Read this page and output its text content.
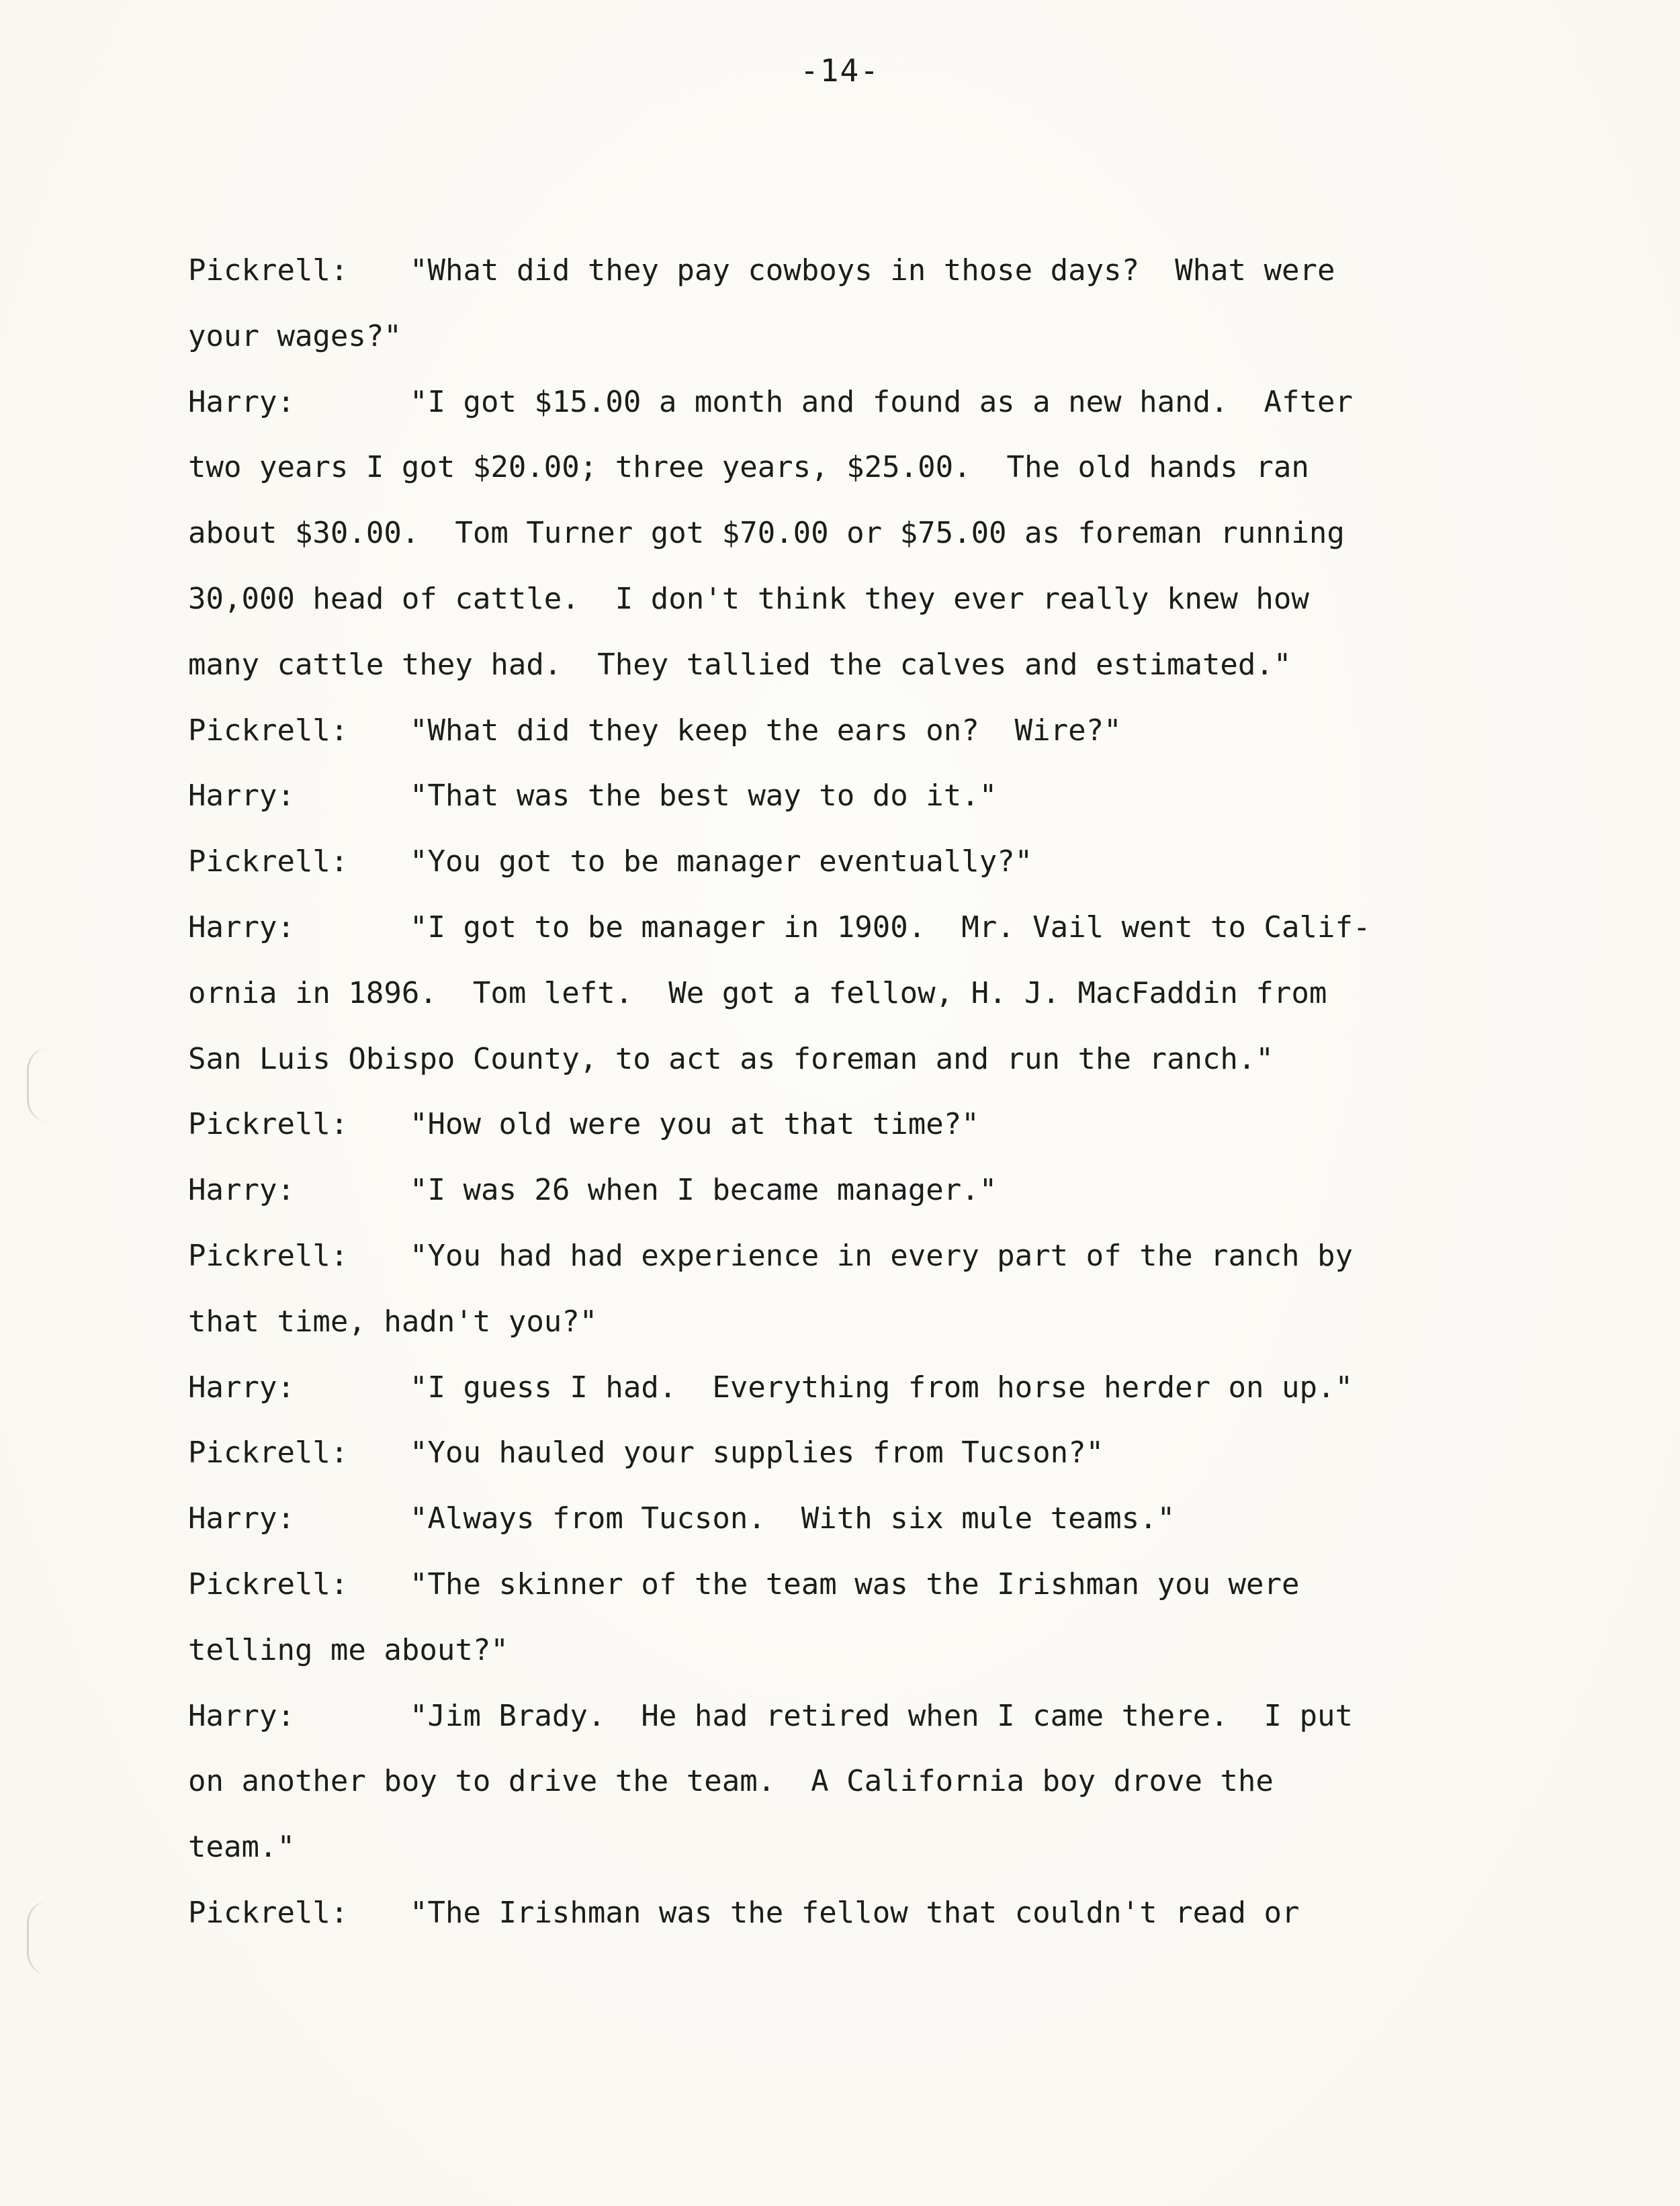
-14-
Pickrell:	"What did they pay cowboys in those days?  What were
your wages?"
Harry:	"I got $15.00 a month and found as a new hand.  After
two years I got $20.00; three years, $25.00.  The old hands ran
about $30.00.  Tom Turner got $70.00 or $75.00 as foreman running
30,000 head of cattle.  I don't think they ever really knew how
many cattle they had.  They tallied the calves and estimated."
Pickrell:	"What did they keep the ears on?  Wire?"
Harry:	"That was the best way to do it."
Pickrell:	"You got to be manager eventually?"
Harry:	"I got to be manager in 1900.  Mr. Vail went to Calif-
ornia in 1896.  Tom left.  We got a fellow, H. J. MacFaddin from
San Luis Obispo County, to act as foreman and run the ranch."
Pickrell:	"How old were you at that time?"
Harry:	"I was 26 when I became manager."
Pickrell:	"You had had experience in every part of the ranch by
that time, hadn't you?"
Harry:	"I guess I had.  Everything from horse herder on up."
Pickrell:	"You hauled your supplies from Tucson?"
Harry:	"Always from Tucson.  With six mule teams."
Pickrell:	"The skinner of the team was the Irishman you were
telling me about?"
Harry:	"Jim Brady.  He had retired when I came there.  I put
on another boy to drive the team.  A California boy drove the
team."
Pickrell:	"The Irishman was the fellow that couldn't read or
